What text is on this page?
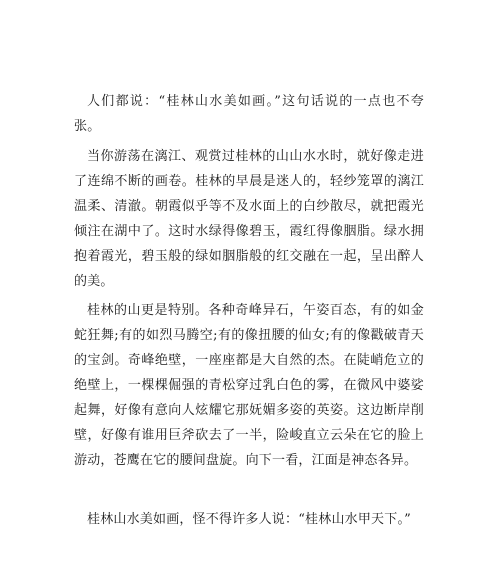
人们都说：“桂林山水美如画。”这句话说的一点也不夸张。

当你游荡在漓江、观赏过桂林的山山水水时，就好像走进了连绵不断的画卷。桂林的早晨是迷人的，轻纱笼罩的漓江温柔、清澈。朝霞似乎等不及水面上的白纱散尽，就把霞光倾注在湖中了。这时水绿得像碧玉，霞红得像胭脂。绿水拥抱着霞光，碧玉般的绿如胭脂般的红交融在一起，呈出醉人的美。

桂林的山更是特别。各种奇峰异石，午姿百态，有的如金蛇狂舞;有的如烈马腾空;有的像扭腰的仙女;有的像戳破青天的宝剑。奇峰绝壁，一座座都是大自然的杰。在陡峭危立的绝壁上，一棵棵倔强的青松穿过乳白色的雾，在微风中婆娑起舞，好像有意向人炫耀它那妩媚多姿的英姿。这边断岸削壁，好像有谁用巨斧砍去了一半，险峻直立云朵在它的脸上游动，苍鹰在它的腰间盘旋。向下一看，江面是神态各异。

桂林山水美如画，怪不得许多人说：“桂林山水甲天下。”
